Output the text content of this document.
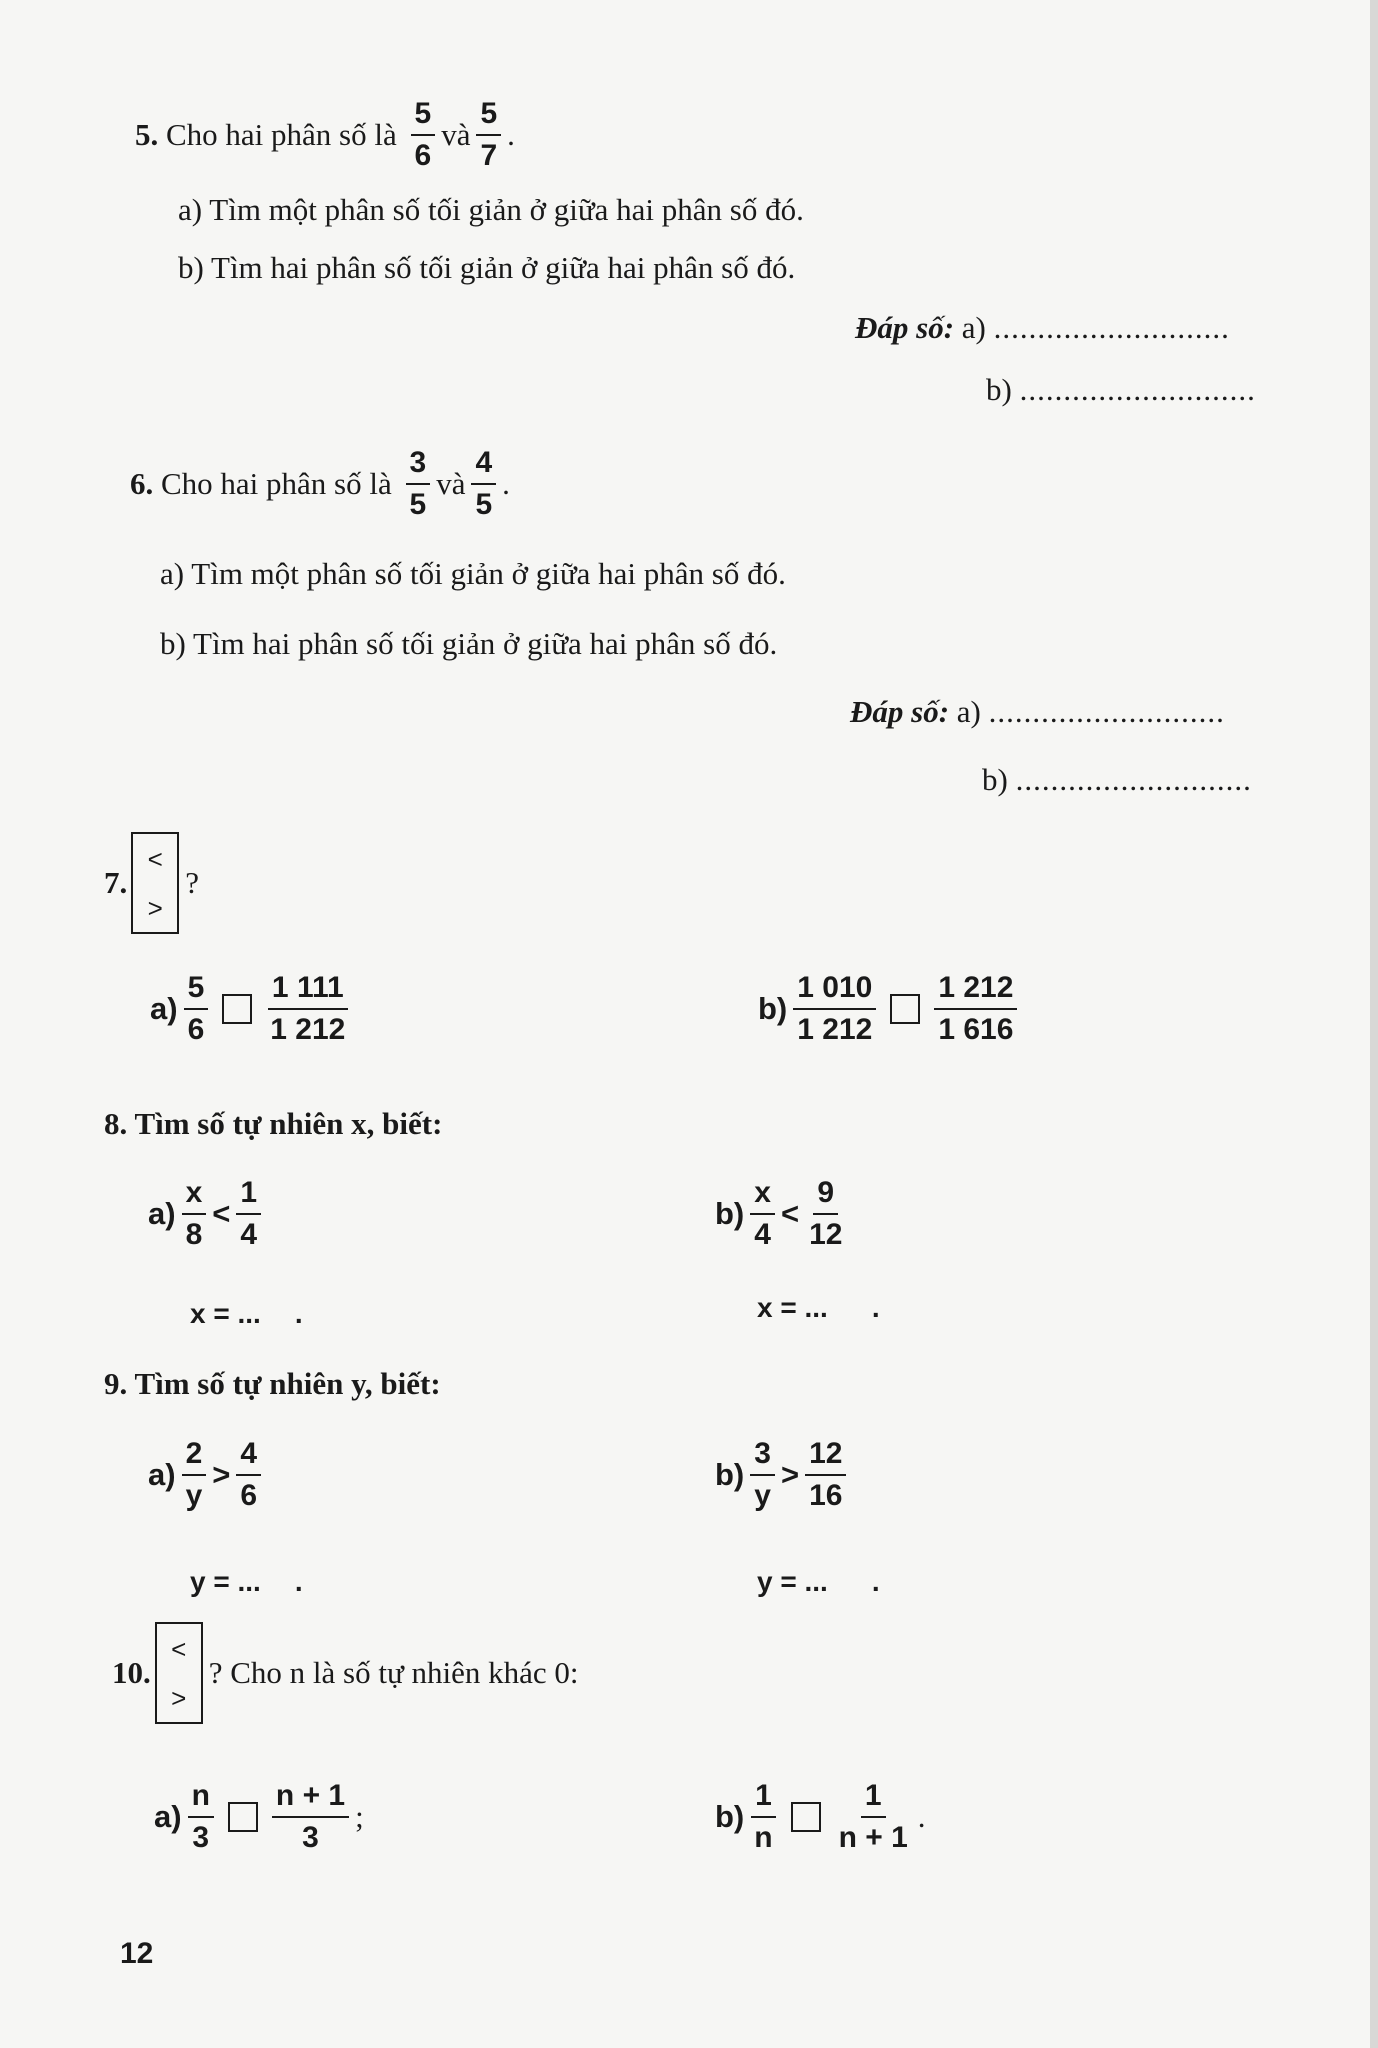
5.
Cho hai phân số là
$\frac{5}{6}$ và $\frac{5}{7}$ .
a) Tìm một phân số tối giản ở giữa hai phân số đó.
b) Tìm hai phân số tối giản ở giữa hai phân số đó.
Đáp số: a) ...........................
b) ...........................
6.
Cho hai phân số là
$\frac{3}{5}$ và $\frac{4}{5}$ .
a) Tìm một phân số tối giản ở giữa hai phân số đó.
b) Tìm hai phân số tối giản ở giữa hai phân số đó.
Đáp số: a) ...........................
b) ...........................
7.
<
>
?
$a) \frac{5}{6} \frac{1 111}{1 212}$	$b) \frac{1 010}{1 212} \frac{1 212}{1 616}$
8. Tìm số tự nhiên x, biết:
$a) \frac{x}{8} < \frac{1}{4}$	$b) \frac{x}{4} < \frac{9}{12}$
x = ... .	x = ... .
9. Tìm số tự nhiên y, biết:
$a) \frac{2}{y} > \frac{4}{6}$	$b) \frac{3}{y} > \frac{12}{16}$
y = ... .	y = ... .
10.
<
>
? Cho n là số tự nhiên khác 0:
$a) \frac{n}{3} \frac{n + 1}{3}$ ;	$b) \frac{1}{n} \frac{1}{n + 1}$ .
12
